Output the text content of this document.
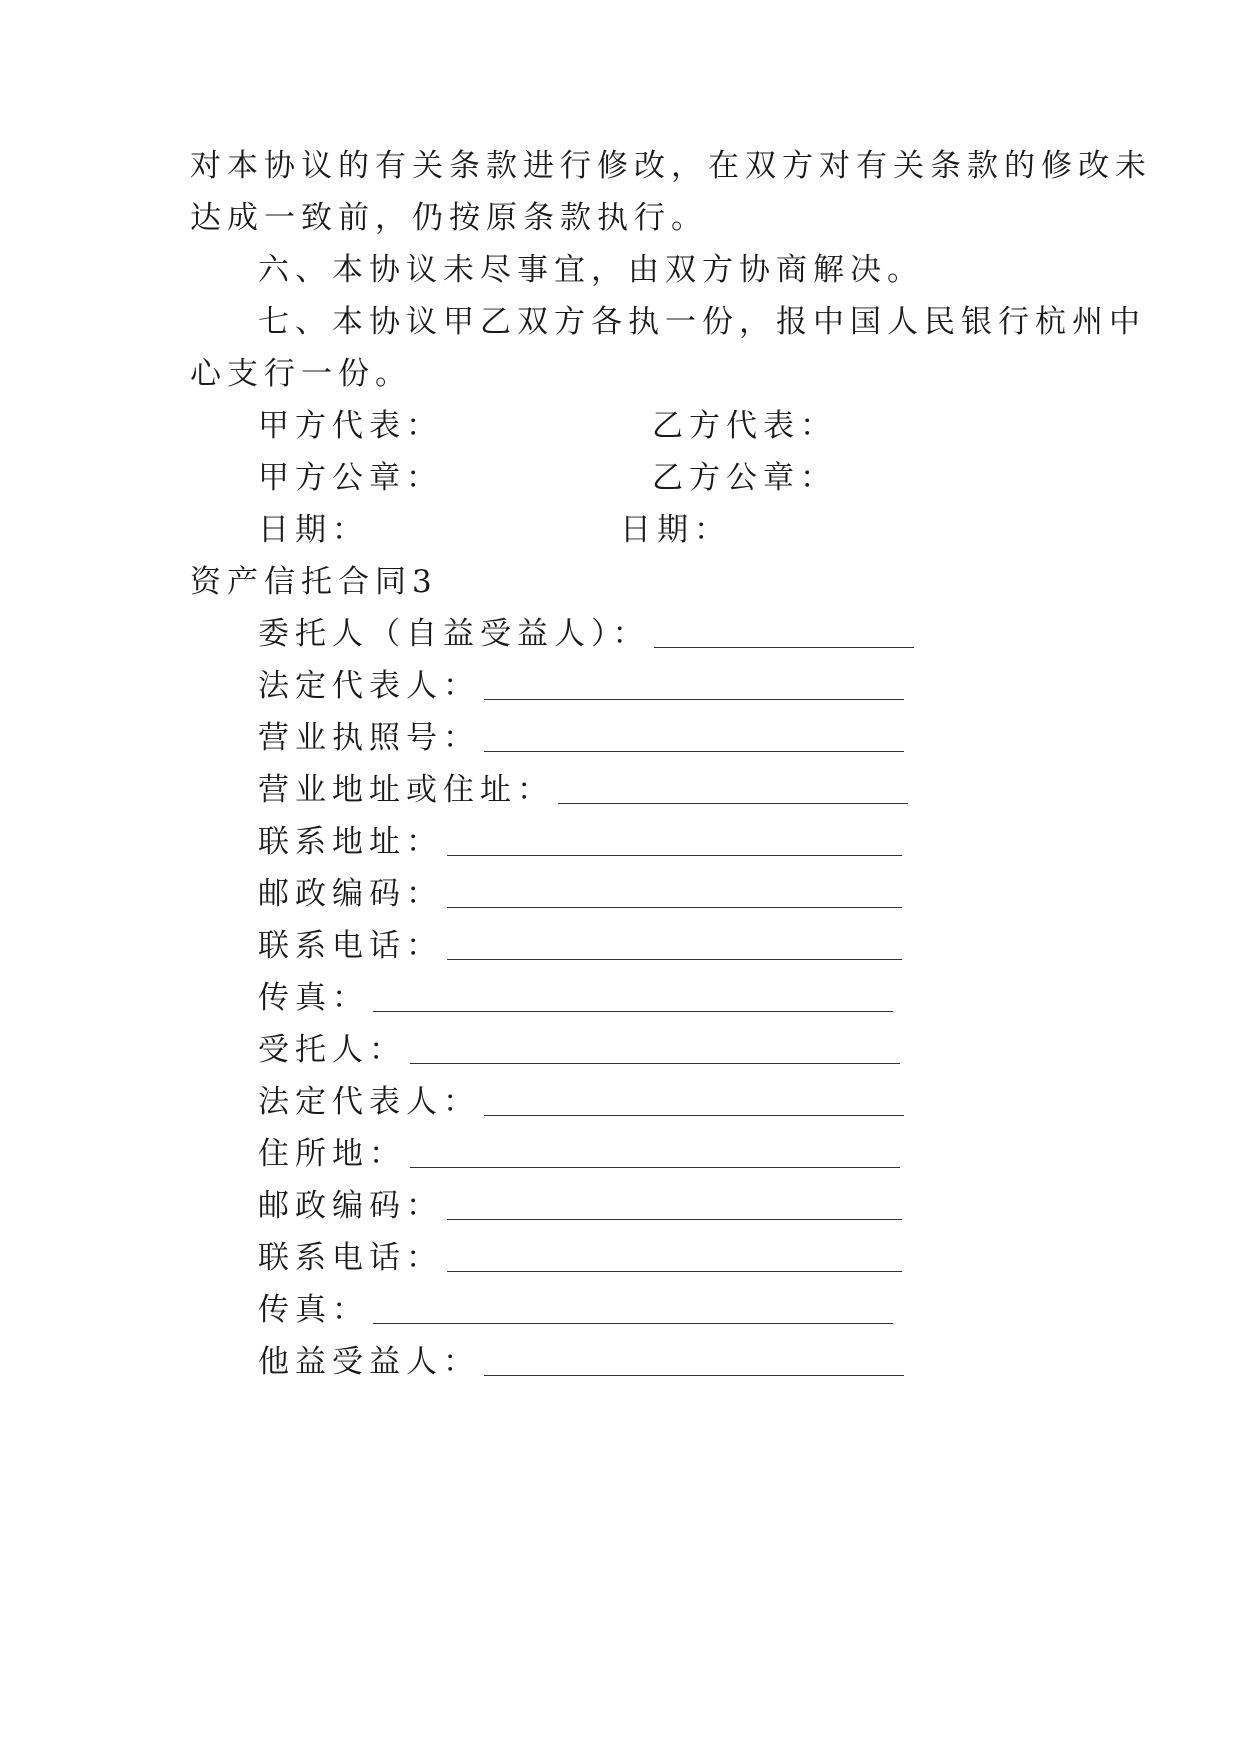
对本协议的有关条款进行修改，在双方对有关条款的修改未
达成一致前，仍按原条款执行。
六、本协议未尽事宜，由双方协商解决。
七、本协议甲乙双方各执一份，报中国人民银行杭州中
心支行一份。
甲方代表：	乙方代表：
甲方公章：	乙方公章：
日期：	日期：
资产信托合同3
委托人（自益受益人）：
法定代表人：
营业执照号：
营业地址或住址：
联系地址：
邮政编码：
联系电话：
传真：
受托人：
法定代表人：
住所地：
邮政编码：
联系电话：
传真：
他益受益人：
